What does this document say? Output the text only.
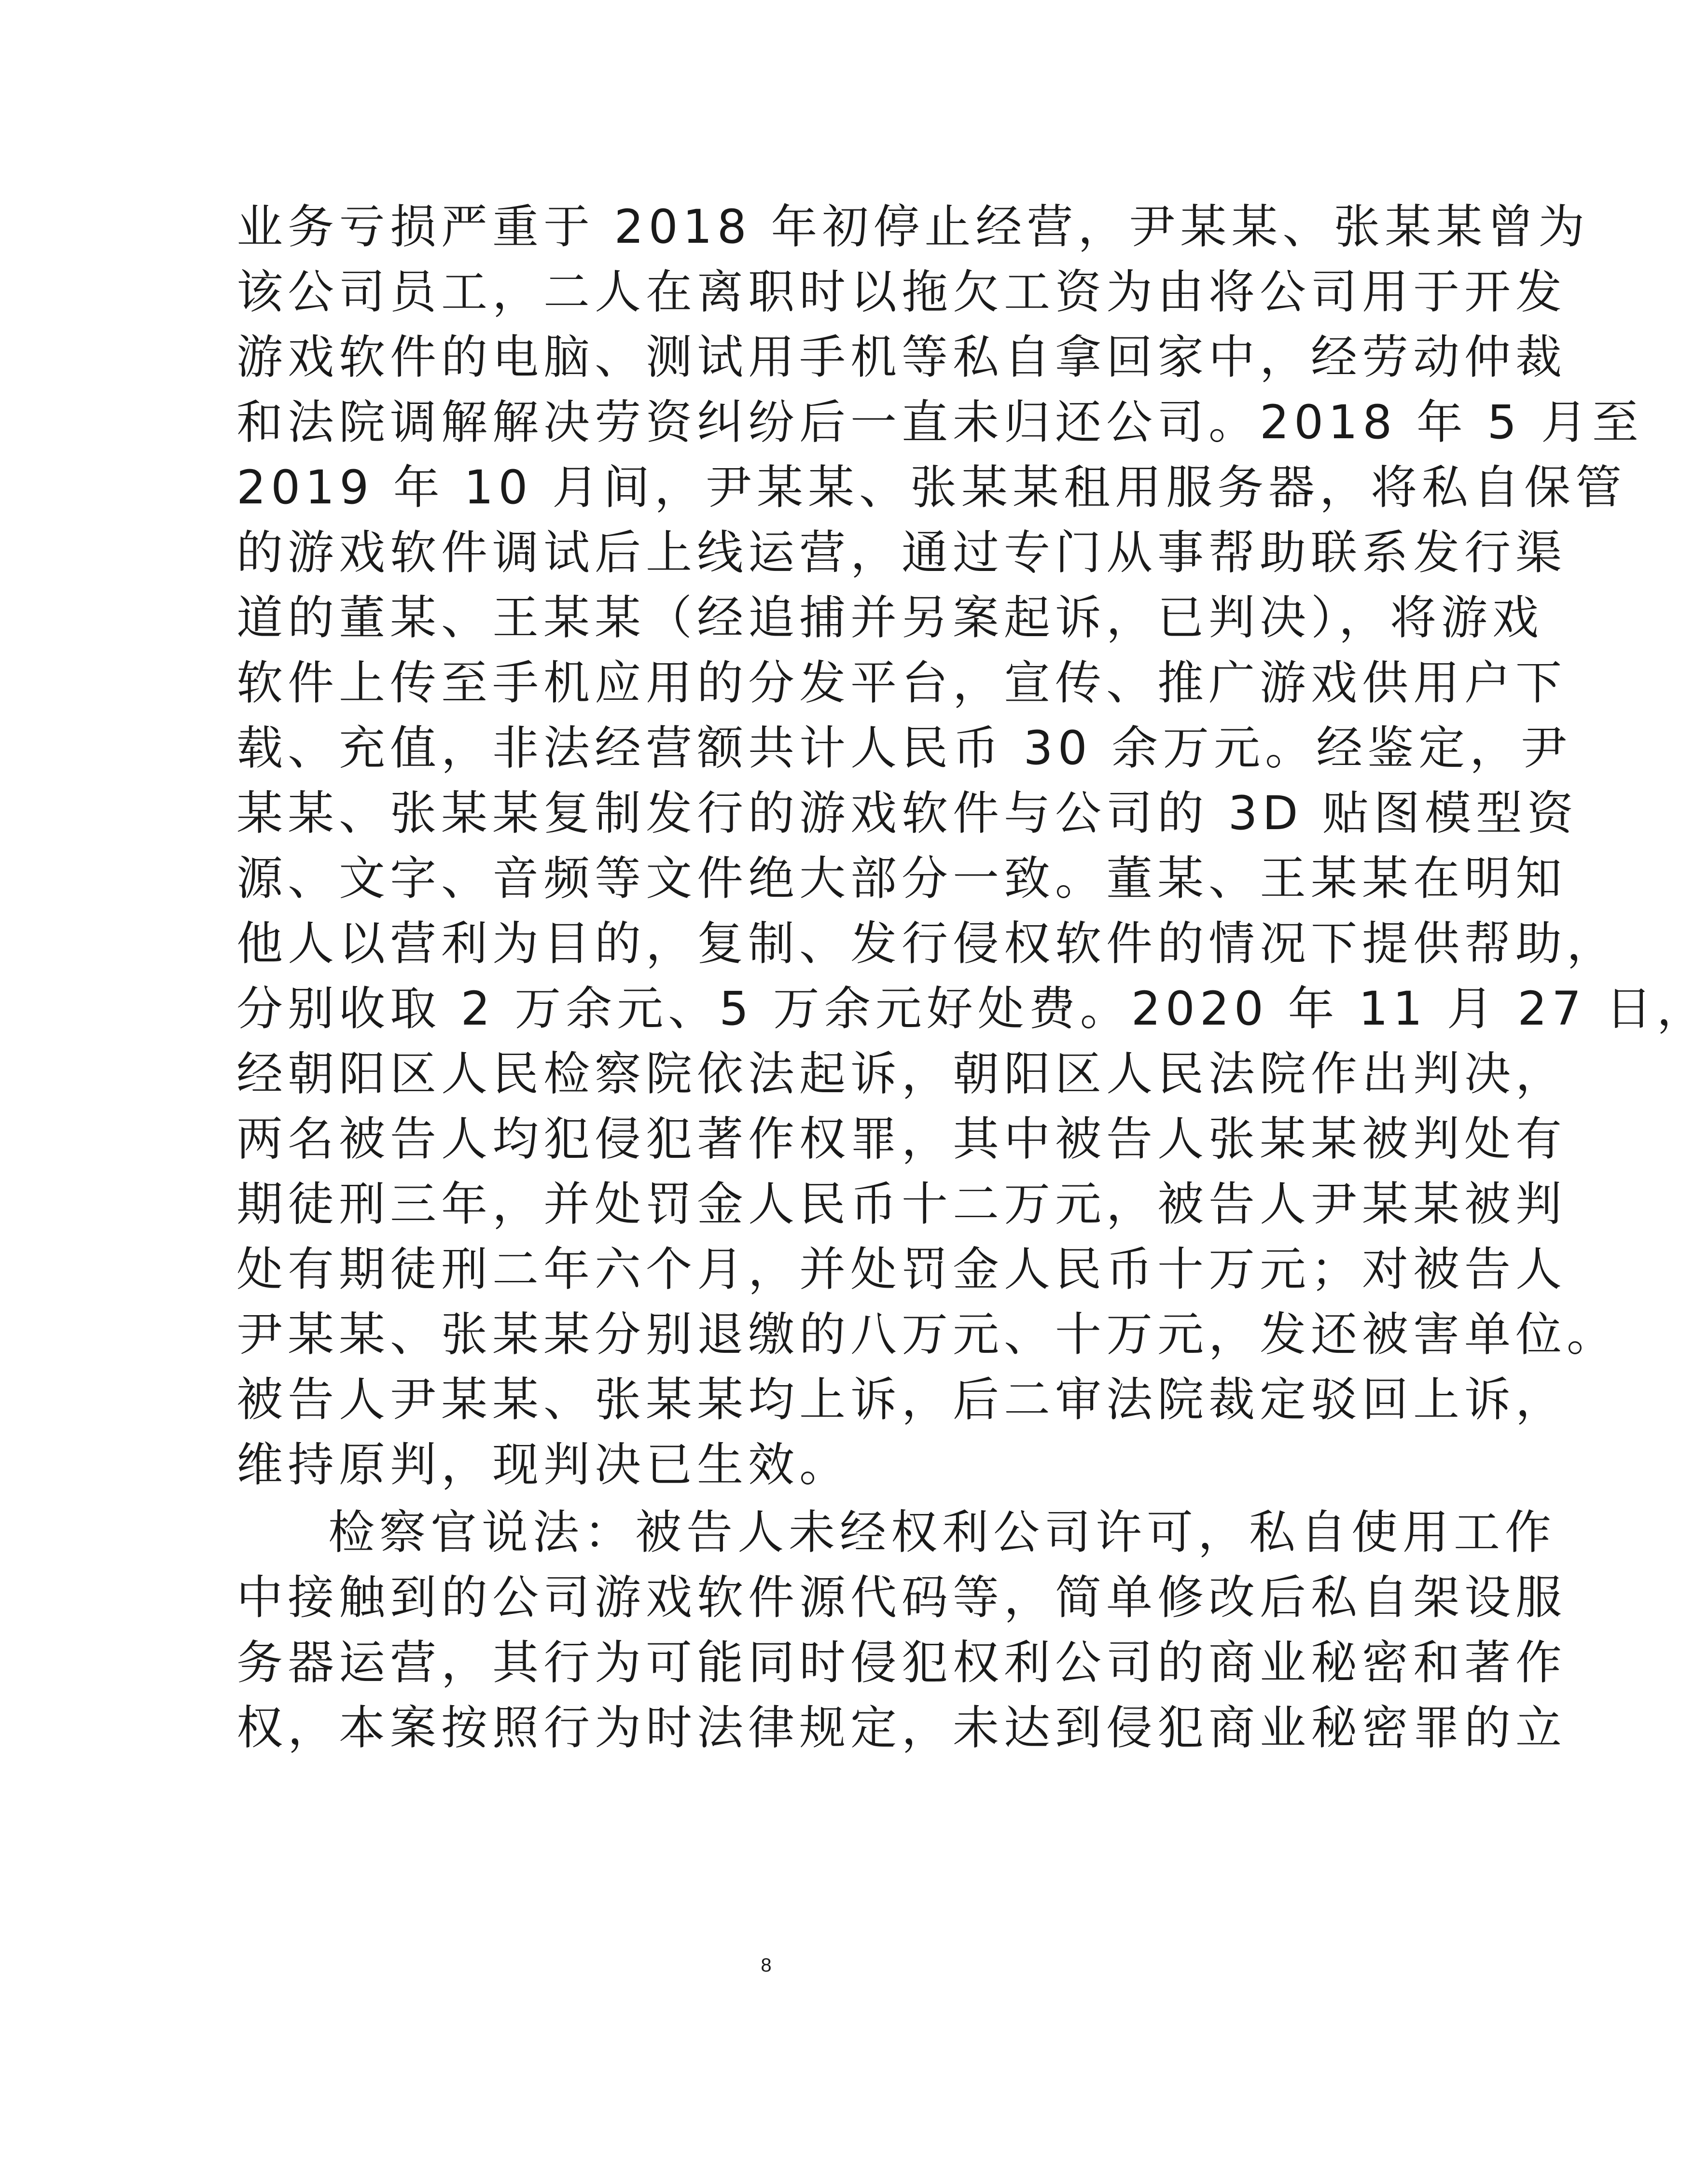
业务亏损严重于 2018 年初停止经营，尹某某、张某某曾为
该公司员工，二人在离职时以拖欠工资为由将公司用于开发
游戏软件的电脑、测试用手机等私自拿回家中，经劳动仲裁
和法院调解解决劳资纠纷后一直未归还公司。2018 年 5 月至
2019 年 10 月间，尹某某、张某某租用服务器，将私自保管
的游戏软件调试后上线运营，通过专门从事帮助联系发行渠
道的董某、王某某（经追捕并另案起诉，已判决），将游戏
软件上传至手机应用的分发平台，宣传、推广游戏供用户下
载、充值，非法经营额共计人民币 30 余万元。经鉴定，尹
某某、张某某复制发行的游戏软件与公司的 3D 贴图模型资
源、文字、音频等文件绝大部分一致。董某、王某某在明知
他人以营利为目的，复制、发行侵权软件的情况下提供帮助，
分别收取 2 万余元、5 万余元好处费。2020 年 11 月 27 日，
经朝阳区人民检察院依法起诉，朝阳区人民法院作出判决，
两名被告人均犯侵犯著作权罪，其中被告人张某某被判处有
期徒刑三年，并处罚金人民币十二万元，被告人尹某某被判
处有期徒刑二年六个月，并处罚金人民币十万元；对被告人
尹某某、张某某分别退缴的八万元、十万元，发还被害单位。
被告人尹某某、张某某均上诉，后二审法院裁定驳回上诉，
维持原判，现判决已生效。
检察官说法：被告人未经权利公司许可，私自使用工作
中接触到的公司游戏软件源代码等，简单修改后私自架设服
务器运营，其行为可能同时侵犯权利公司的商业秘密和著作
权，本案按照行为时法律规定，未达到侵犯商业秘密罪的立
8
